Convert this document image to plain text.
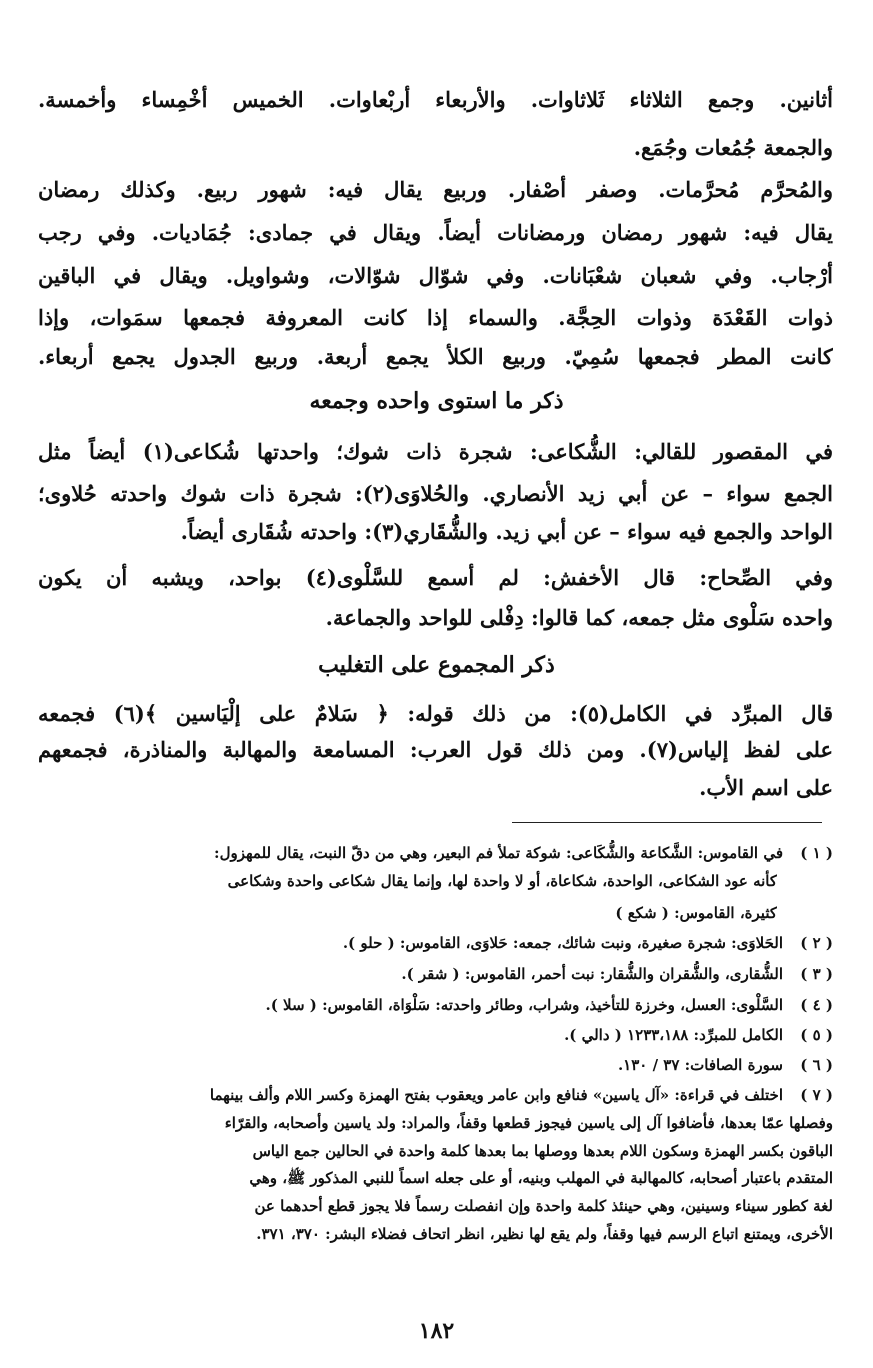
أثانين. وجمع الثلاثاء ثَلاثاوات. والأربعاء أربْعاوات. الخميس أخْمِساء وأخمسة.
والجمعة جُمُعات وجُمَع.
والمُحرَّم مُحرَّمات. وصفر أصْفار. وربيع يقال فيه: شهور ربيع. وكذلك رمضان
يقال فيه: شهور رمضان ورمضانات أيضاً. ويقال في جمادى: جُمَاديات. وفي رجب
أرْجاب. وفي شعبان شعْبَانات. وفي شوّال شوّالات، وشواويل. ويقال في الباقين
ذوات القَعْدَة وذوات الحِجَّة. والسماء إذا كانت المعروفة فجمعها سمَوات، وإذا
كانت المطر فجمعها سُمِيّ. وربيع الكلأ يجمع أربعة. وربيع الجدول يجمع أربعاء.
ذكر ما استوى واحده وجمعه
في المقصور للقالي: الشُّكاعى: شجرة ذات شوك؛ واحدتها شُكاعى(١) أيضاً مثل
الجمع سواء – عن أبي زيد الأنصاري. والحُلاوَى(٢): شجرة ذات شوك واحدته حُلاوى؛
الواحد والجمع فيه سواء – عن أبي زيد. والشُّقَاري(٣): واحدته شُقَارى أيضاً.
وفي الصِّحاح: قال الأخفش: لم أسمع للسَّلْوى(٤) بواحد، ويشبه أن يكون
واحده سَلْوى مثل جمعه، كما قالوا: دِفْلى للواحد والجماعة.
ذكر المجموع على التغليب
قال المبرِّد في الكامل(٥): من ذلك قوله: ﴿ سَلامٌ على إلْيَاسين ﴾(٦) فجمعه
على لفظ إلياس(٧). ومن ذلك قول العرب: المسامعة والمهالبة والمناذرة، فجمعهم
على اسم الأب.
( ١ )في القاموس: الشَّكاعة والشُّكَاعى: شوكة تملأ فم البعير، وهي من دقّ النبت، يقال للمهزول:
كأنه عود الشكاعى، الواحدة، شكاعاة، أو لا واحدة لها، وإنما يقال شكاعى واحدة وشكاعى
كثيرة، القاموس: ( شكع )
( ٢ )الحَلاوَى: شجرة صغيرة، ونبت شائك، جمعه: حَلاوَى، القاموس: ( حلو ).
( ٣ )الشُّقارى، والشُّقران والشُّقار: نبت أحمر، القاموس: ( شقر ).
( ٤ )السَّلْوى: العسل، وخرزة للتأخيذ، وشراب، وطائر واحدته: سَلْوَاة، القاموس: ( سلا ).
( ٥ )الكامل للمبرِّد: ١٢٣٣،١٨٨ ( دالي ).
( ٦ )سورة الصافات: ٣٧ / ١٣٠.
( ٧ )اختلف في قراءة: «آل ياسين» فنافع وابن عامر ويعقوب بفتح الهمزة وكسر اللام وألف بينهما
وفصلها عمّا بعدها، فأضافوا آل إلى ياسين فيجوز قطعها وقفاً، والمراد: ولد ياسين وأصحابه، والقرّاء
الباقون بكسر الهمزة وسكون اللام بعدها ووصلها بما بعدها كلمة واحدة في الحالين جمع الياس
المتقدم باعتبار أصحابه، كالمهالبة في المهلب وبنيه، أو على جعله اسماً للنبي المذكور ﷺ، وهي
لغة كطور سيناء وسينين، وهي حينئذ كلمة واحدة وإن انفصلت رسماً فلا يجوز قطع أحدهما عن
الأخرى، ويمتنع اتباع الرسم فيها وقفاً، ولم يقع لها نظير، انظر اتحاف فضلاء البشر: ٣٧٠، ٣٧١.
١٨٢
